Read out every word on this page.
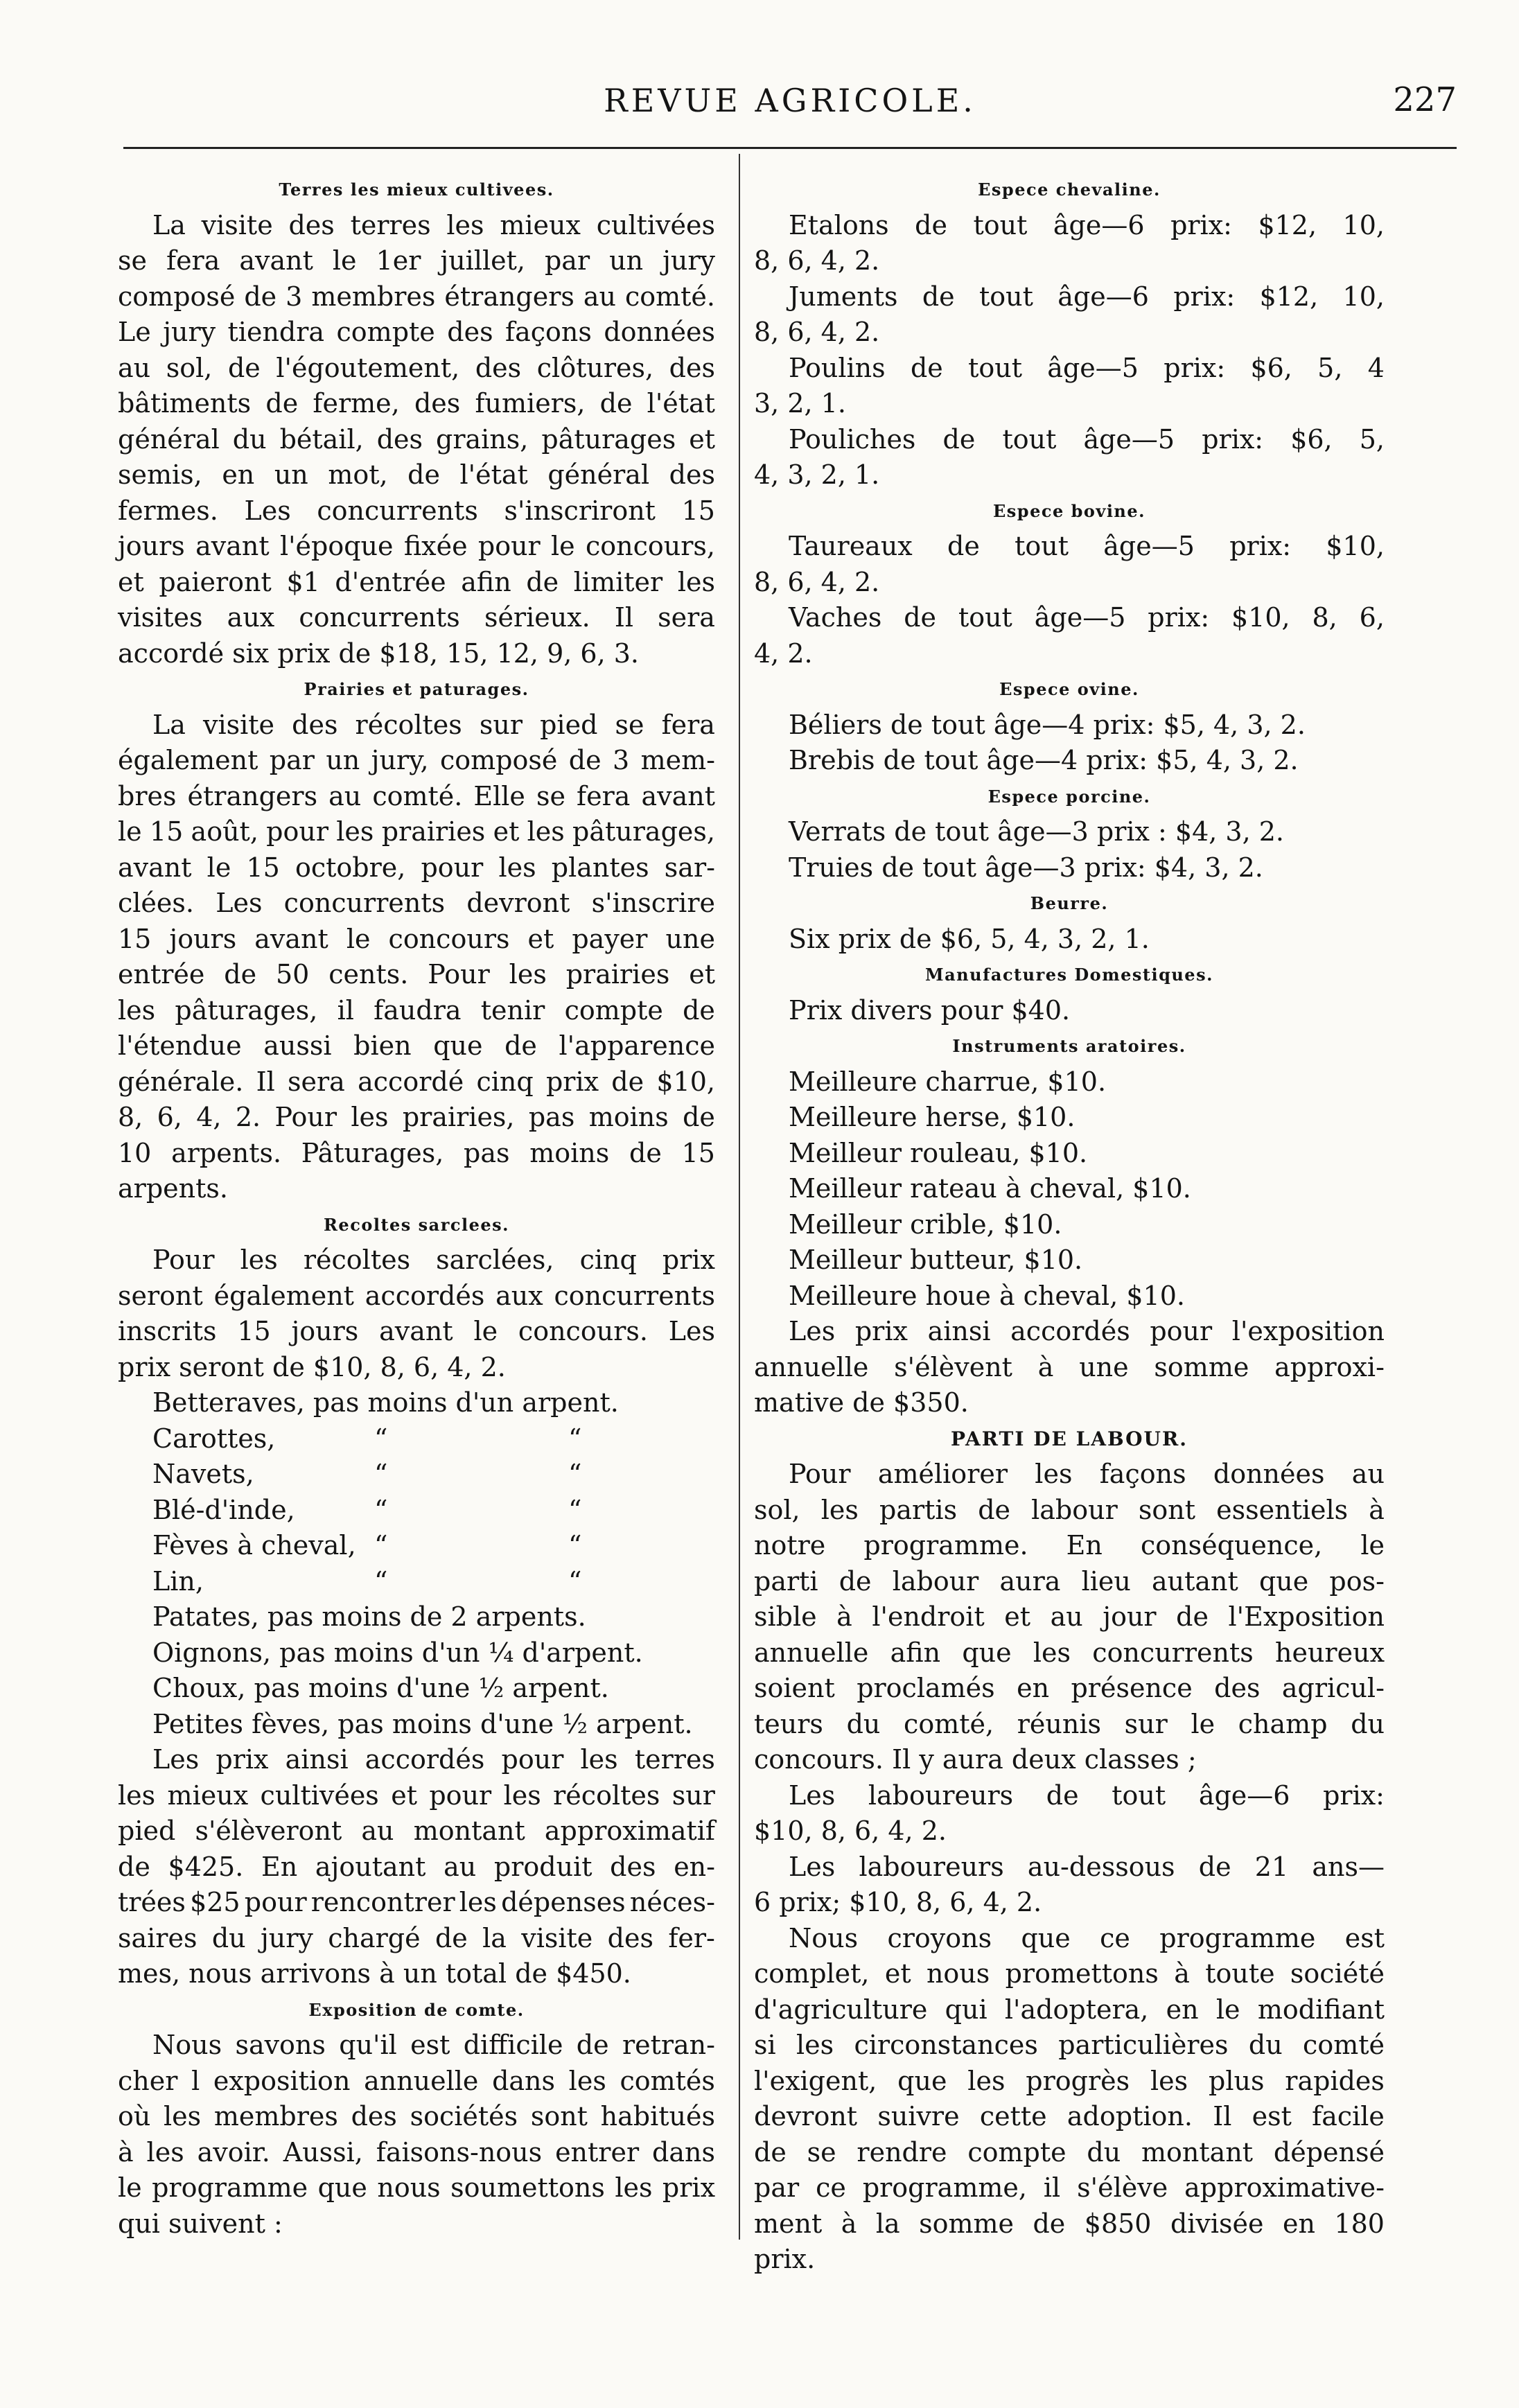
REVUE AGRICOLE.	227
Terres les mieux cultivees.
La visite des terres les mieux cultivées
se fera avant le 1er juillet, par un jury
composé de 3 membres étrangers au comté.
Le jury tiendra compte des façons données
au sol, de l'égoutement, des clôtures, des
bâtiments de ferme, des fumiers, de l'état
général du bétail, des grains, pâturages et
semis, en un mot, de l'état général des
fermes. Les concurrents s'inscriront 15
jours avant l'époque fixée pour le concours,
et paieront $1 d'entrée afin de limiter les
visites aux concurrents sérieux. Il sera
accordé six prix de $18, 15, 12, 9, 6, 3.
Prairies et paturages.
La visite des récoltes sur pied se fera
également par un jury, composé de 3 mem-
bres étrangers au comté. Elle se fera avant
le 15 août, pour les prairies et les pâturages,
avant le 15 octobre, pour les plantes sar-
clées. Les concurrents devront s'inscrire
15 jours avant le concours et payer une
entrée de 50 cents. Pour les prairies et
les pâturages, il faudra tenir compte de
l'étendue aussi bien que de l'apparence
générale. Il sera accordé cinq prix de $10,
8, 6, 4, 2. Pour les prairies, pas moins de
10 arpents. Pâturages, pas moins de 15
arpents.
Recoltes sarclees.
Pour les récoltes sarclées, cinq prix
seront également accordés aux concurrents
inscrits 15 jours avant le concours. Les
prix seront de $10, 8, 6, 4, 2.
Betteraves, pas moins d'un arpent.
Carottes,	“	“
Navets,	“	“
Blé-d'inde,	“	“
Fèves à cheval, “	“
Lin,	“	“
Patates, pas moins de 2 arpents.
Oignons, pas moins d'un ¼ d'arpent.
Choux, pas moins d'une ½ arpent.
Petites fèves, pas moins d'une ½ arpent.
Les prix ainsi accordés pour les terres
les mieux cultivées et pour les récoltes sur
pied s'élèveront au montant approximatif
de $425. En ajoutant au produit des en-
trées $25 pour rencontrer les dépenses néces-
saires du jury chargé de la visite des fer-
mes, nous arrivons à un total de $450.
Exposition de comte.
Nous savons qu'il est difficile de retran-
cher l exposition annuelle dans les comtés
où les membres des sociétés sont habitués
à les avoir. Aussi, faisons-nous entrer dans
le programme que nous soumettons les prix
qui suivent :
Espece chevaline.
Etalons de tout âge—6 prix: $12, 10,
8, 6, 4, 2.
Juments de tout âge—6 prix: $12, 10,
8, 6, 4, 2.
Poulins de tout âge—5 prix: $6, 5, 4
3, 2, 1.
Pouliches de tout âge—5 prix: $6, 5,
4, 3, 2, 1.
Espece bovine.
Taureaux de tout âge—5 prix: $10,
8, 6, 4, 2.
Vaches de tout âge—5 prix: $10, 8, 6,
4, 2.
Espece ovine.
Béliers de tout âge—4 prix: $5, 4, 3, 2.
Brebis de tout âge—4 prix: $5, 4, 3, 2.
Espece porcine.
Verrats de tout âge—3 prix : $4, 3, 2.
Truies de tout âge—3 prix: $4, 3, 2.
Beurre.
Six prix de $6, 5, 4, 3, 2, 1.
Manufactures Domestiques.
Prix divers pour $40.
Instruments aratoires.
Meilleure charrue, $10.
Meilleure herse, $10.
Meilleur rouleau, $10.
Meilleur rateau à cheval, $10.
Meilleur crible, $10.
Meilleur butteur, $10.
Meilleure houe à cheval, $10.
Les prix ainsi accordés pour l'exposition
annuelle s'élèvent à une somme approxi-
mative de $350.
PARTI DE LABOUR.
Pour améliorer les façons données au
sol, les partis de labour sont essentiels à
notre programme. En conséquence, le
parti de labour aura lieu autant que pos-
sible à l'endroit et au jour de l'Exposition
annuelle afin que les concurrents heureux
soient proclamés en présence des agricul-
teurs du comté, réunis sur le champ du
concours. Il y aura deux classes ;
Les laboureurs de tout âge—6 prix:
$10, 8, 6, 4, 2.
Les laboureurs au-dessous de 21 ans—
6 prix; $10, 8, 6, 4, 2.
Nous croyons que ce programme est
complet, et nous promettons à toute société
d'agriculture qui l'adoptera, en le modifiant
si les circonstances particulières du comté
l'exigent, que les progrès les plus rapides
devront suivre cette adoption. Il est facile
de se rendre compte du montant dépensé
par ce programme, il s'élève approximative-
ment à la somme de $850 divisée en 180
prix.
